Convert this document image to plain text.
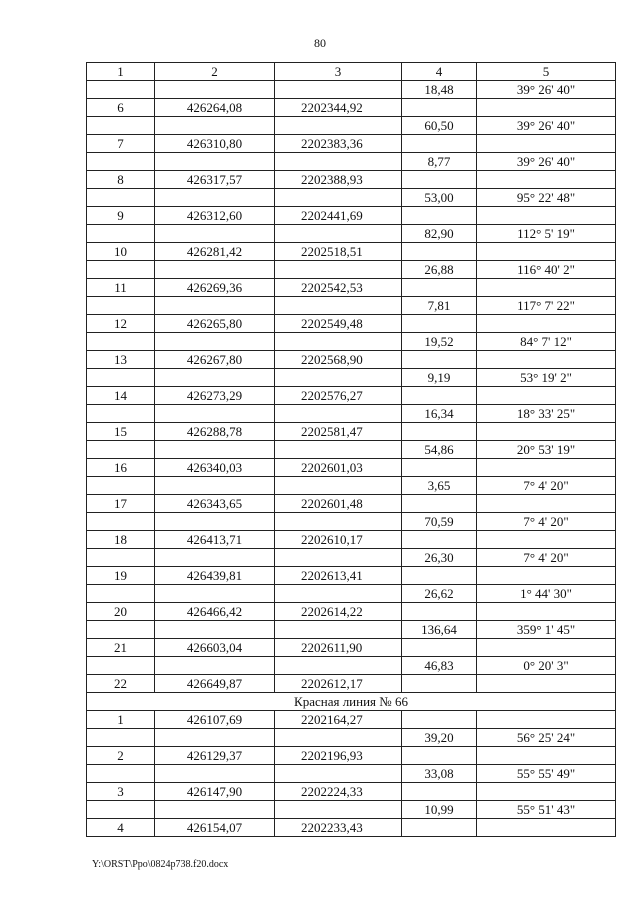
80
1	2	3	4	5
			18,48	39° 26' 40"
6	426264,08	2202344,92		
			60,50	39° 26' 40"
7	426310,80	2202383,36		
			8,77	39° 26' 40"
8	426317,57	2202388,93		
			53,00	95° 22' 48"
9	426312,60	2202441,69		
			82,90	112° 5' 19"
10	426281,42	2202518,51		
			26,88	116° 40' 2"
11	426269,36	2202542,53		
			7,81	117° 7' 22"
12	426265,80	2202549,48		
			19,52	84° 7' 12"
13	426267,80	2202568,90		
			9,19	53° 19' 2"
14	426273,29	2202576,27		
			16,34	18° 33' 25"
15	426288,78	2202581,47		
			54,86	20° 53' 19"
16	426340,03	2202601,03		
			3,65	7° 4' 20"
17	426343,65	2202601,48		
			70,59	7° 4' 20"
18	426413,71	2202610,17		
			26,30	7° 4' 20"
19	426439,81	2202613,41		
			26,62	1° 44' 30"
20	426466,42	2202614,22		
			136,64	359° 1' 45"
21	426603,04	2202611,90		
			46,83	0° 20' 3"
22	426649,87	2202612,17		
Красная линия № 66				
1	426107,69	2202164,27		
			39,20	56° 25' 24"
2	426129,37	2202196,93		
			33,08	55° 55' 49"
3	426147,90	2202224,33		
			10,99	55° 51' 43"
4	426154,07	2202233,43		
Y:\ORST\Ppo\0824p738.f20.docx
